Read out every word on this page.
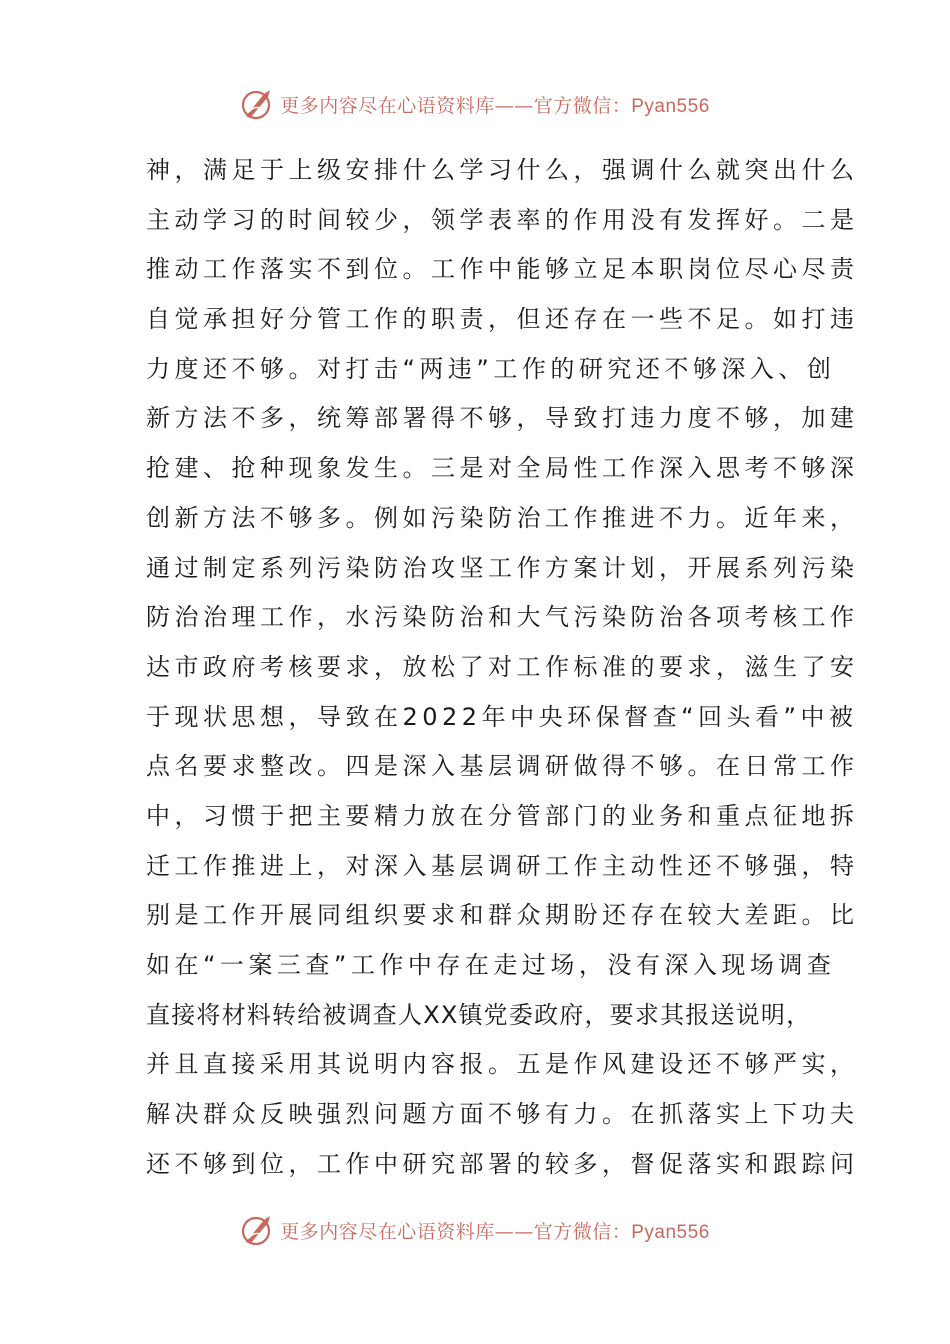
更多内容尽在心语资料库——官方微信：Pyan556
神，满足于上级安排什么学习什么，强调什么就突出什么
主动学习的时间较少，领学表率的作用没有发挥好。二是
推动工作落实不到位。工作中能够立足本职岗位尽心尽责
自觉承担好分管工作的职责，但还存在一些不足。如打违
力度还不够。对打击“两违”工作的研究还不够深入、创
新方法不多，统筹部署得不够，导致打违力度不够，加建
抢建、抢种现象发生。三是对全局性工作深入思考不够深
创新方法不够多。例如污染防治工作推进不力。近年来，
通过制定系列污染防治攻坚工作方案计划，开展系列污染
防治治理工作，水污染防治和大气污染防治各项考核工作
达市政府考核要求，放松了对工作标准的要求，滋生了安
于现状思想，导致在2022年中央环保督查“回头看”中被
点名要求整改。四是深入基层调研做得不够。在日常工作
中，习惯于把主要精力放在分管部门的业务和重点征地拆
迁工作推进上，对深入基层调研工作主动性还不够强，特
别是工作开展同组织要求和群众期盼还存在较大差距。比
如在“一案三查”工作中存在走过场，没有深入现场调查
直接将材料转给被调查人XX镇党委政府，要求其报送说明，
并且直接采用其说明内容报。五是作风建设还不够严实，
解决群众反映强烈问题方面不够有力。在抓落实上下功夫
还不够到位，工作中研究部署的较多，督促落实和跟踪问
更多内容尽在心语资料库——官方微信：Pyan556
